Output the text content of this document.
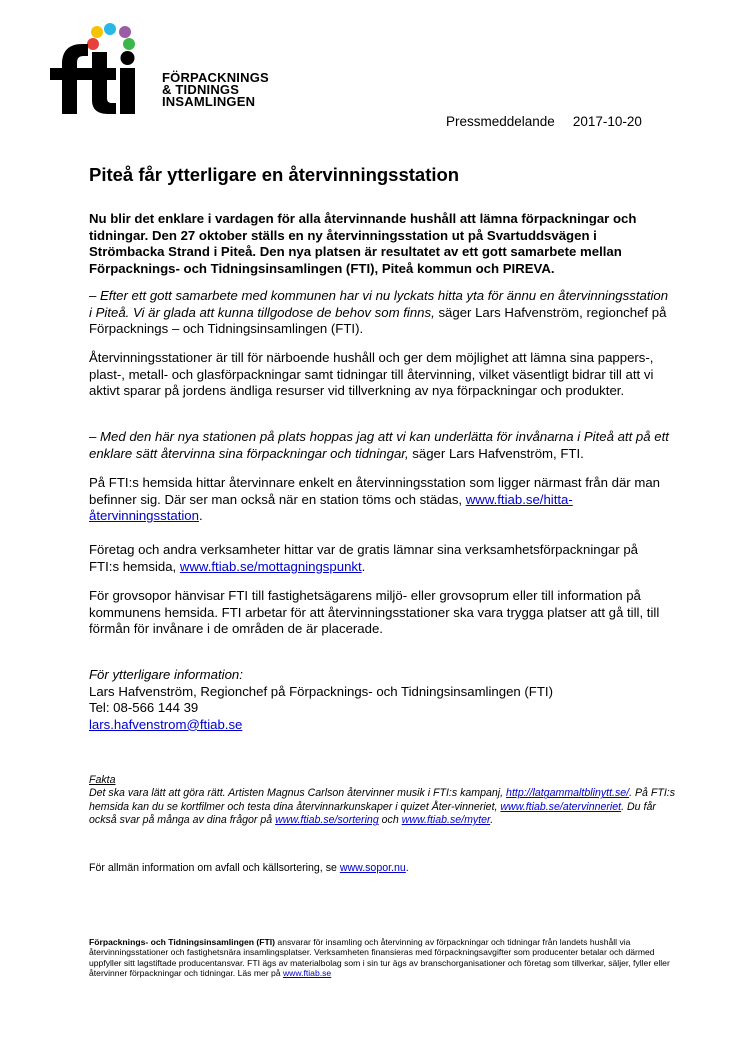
FÖRPACKNINGS
& TIDNINGS
INSAMLINGEN
Pressmeddelande 2017-10-20
Piteå får ytterligare en återvinningsstation

Nu blir det enklare i vardagen för alla återvinnande hushåll att lämna förpackningar och tidningar. Den 27 oktober ställs en ny återvinningsstation ut på Svartuddsvägen i Strömbacka Strand i Piteå. Den nya platsen är resultatet av ett gott samarbete mellan Förpacknings- och Tidningsinsamlingen (FTI), Piteå kommun och PIREVA.

– Efter ett gott samarbete med kommunen har vi nu lyckats hitta yta för ännu en återvinningsstation i Piteå. Vi är glada att kunna tillgodose de behov som finns, säger Lars Hafvenström, regionchef på Förpacknings – och Tidningsinsamlingen (FTI).

Återvinningsstationer är till för närboende hushåll och ger dem möjlighet att lämna sina pappers-, plast-, metall- och glasförpackningar samt tidningar till återvinning, vilket väsentligt bidrar till att vi aktivt sparar på jordens ändliga resurser vid tillverkning av nya förpackningar och produkter.

– Med den här nya stationen på plats hoppas jag att vi kan underlätta för invånarna i Piteå att på ett enklare sätt återvinna sina förpackningar och tidningar, säger Lars Hafvenström, FTI.

På FTI:s hemsida hittar återvinnare enkelt en återvinningsstation som ligger närmast från där man befinner sig. Där ser man också när en station töms och städas, www.ftiab.se/hitta-återvinningsstation.

Företag och andra verksamheter hittar var de gratis lämnar sina verksamhetsförpackningar på FTI:s hemsida, www.ftiab.se/mottagningspunkt.

För grovsopor hänvisar FTI till fastighetsägarens miljö- eller grovsoprum eller till information på kommunens hemsida. FTI arbetar för att återvinningsstationer ska vara trygga platser att gå till, till förmån för invånare i de områden de är placerade.

För ytterligare information:
Lars Hafvenström, Regionchef på Förpacknings- och Tidningsinsamlingen (FTI)
Tel: 08-566 144 39
lars.hafvenstrom@ftiab.se
Fakta
Det ska vara lätt att göra rätt. Artisten Magnus Carlson återvinner musik i FTI:s kampanj, http://latgammaltblinytt.se/. På FTI:s hemsida kan du se kortfilmer och testa dina återvinnarkunskaper i quizet Åter-vinneriet, www.ftiab.se/atervinneriet. Du får också svar på många av dina frågor på www.ftiab.se/sortering och www.ftiab.se/myter.

För allmän information om avfall och källsortering, se www.sopor.nu.

Förpacknings- och Tidningsinsamlingen (FTI) ansvarar för insamling och återvinning av förpackningar och tidningar från landets hushåll via återvinningsstationer och fastighetsnära insamlingsplatser. Verksamheten finansieras med förpackningsavgifter som producenter betalar och därmed uppfyller sitt lagstiftade producentansvar. FTI ägs av materialbolag som i sin tur ägs av branschorganisationer och företag som tillverkar, säljer, fyller eller återvinner förpackningar och tidningar. Läs mer på www.ftiab.se
